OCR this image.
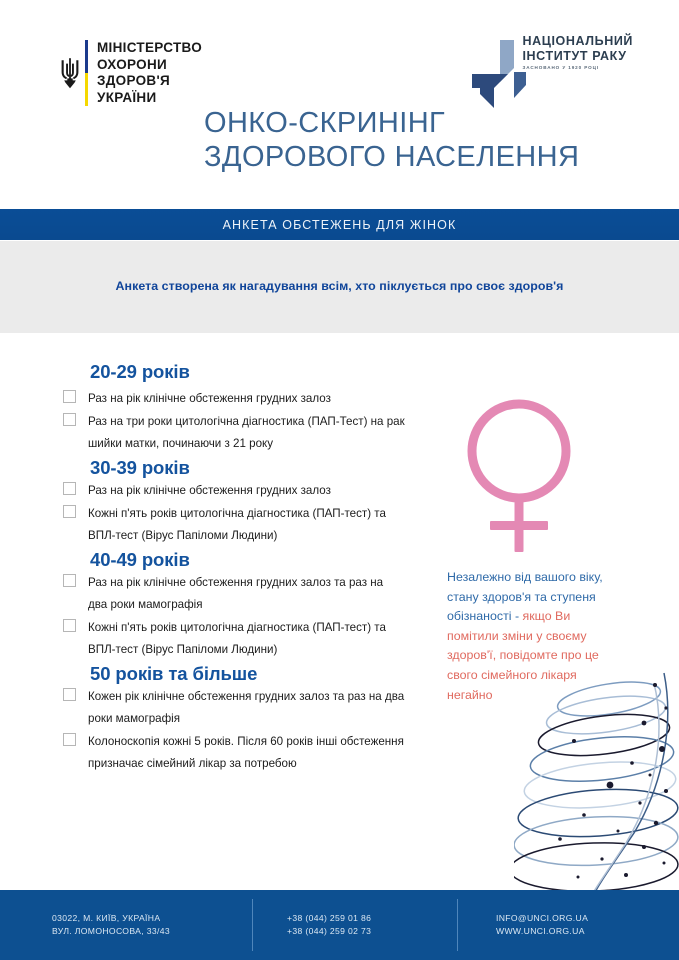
МІНІСТЕРСТВО
ОХОРОНИ
ЗДОРОВ'Я
УКРАЇНИ
НАЦІОНАЛЬНИЙ
ІНСТИТУТ РАКУ
ЗАСНОВАНО У 1920 РОЦІ
ОНКО-СКРИНІНГ
ЗДОРОВОГО НАСЕЛЕННЯ
АНКЕТА ОБСТЕЖЕНЬ ДЛЯ ЖІНОК
Анкета створена як нагадування всім, хто піклується про своє здоров'я
20-29 років
Раз на рік клінічне обстеження грудних залоз
Раз на три роки цитологічна діагностика (ПАП-Тест) на рак шийки матки, починаючи з 21 року
30-39 років
Раз на рік клінічне обстеження грудних залоз
Кожні п'ять років цитологічна діагностика (ПАП-тест) та ВПЛ-тест (Вірус Папіломи Людини)
40-49 років
Раз на рік клінічне обстеження грудних залоз та раз на два роки мамографія
Кожні п'ять років цитологічна діагностика (ПАП-тест) та ВПЛ-тест (Вірус Папіломи Людини)
50 років та більше
Кожен рік клінічне обстеження грудних залоз та раз на два роки мамографія
Колоноскопія кожні 5 років. Після 60 років інші обстеження призначає сімейний лікар за потребою
Незалежно від вашого віку, стану здоров'я та ступеня обізнаності - якщо Ви помітили зміни у своєму здоров'ї, повідомте про це свого сімейного лікаря негайно
03022, М. КИЇВ, УКРАЇНА
ВУЛ. ЛОМОНОСОВА, 33/43
+38 (044) 259 01 86
+38 (044) 259 02 73
INFO@UNCI.ORG.UA
WWW.UNCI.ORG.UA
